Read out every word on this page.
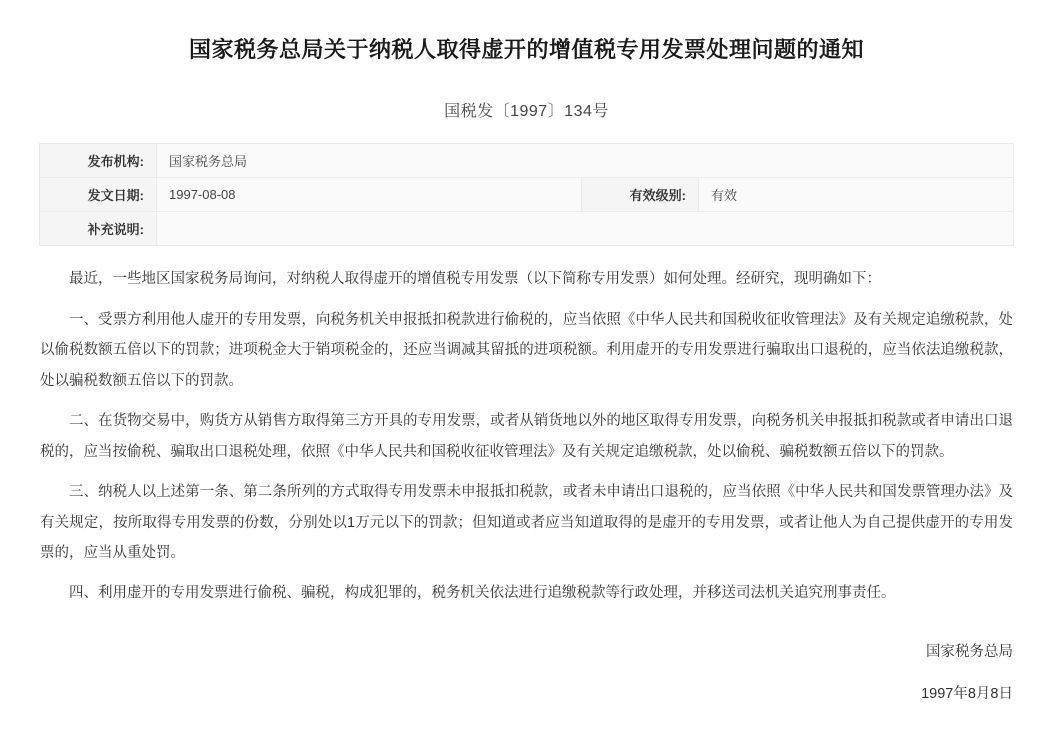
国家税务总局关于纳税人取得虚开的增值税专用发票处理问题的通知
国税发〔1997〕134号
发布机构:	国家税务总局		
发文日期:	1997-08-08	有效级别:	有效
补充说明:			

最近，一些地区国家税务局询问，对纳税人取得虚开的增值税专用发票（以下简称专用发票）如何处理。经研究，现明确如下：

一、受票方利用他人虚开的专用发票，向税务机关申报抵扣税款进行偷税的，应当依照《中华人民共和国税收征收管理法》及有关规定追缴税款，处以偷税数额五倍以下的罚款；进项税金大于销项税金的，还应当调减其留抵的进项税额。利用虚开的专用发票进行骗取出口退税的，应当依法追缴税款，处以骗税数额五倍以下的罚款。

二、在货物交易中，购货方从销售方取得第三方开具的专用发票，或者从销货地以外的地区取得专用发票，向税务机关申报抵扣税款或者申请出口退税的，应当按偷税、骗取出口退税处理，依照《中华人民共和国税收征收管理法》及有关规定追缴税款，处以偷税、骗税数额五倍以下的罚款。

三、纳税人以上述第一条、第二条所列的方式取得专用发票未申报抵扣税款，或者未申请出口退税的，应当依照《中华人民共和国发票管理办法》及有关规定，按所取得专用发票的份数，分别处以1万元以下的罚款；但知道或者应当知道取得的是虚开的专用发票，或者让他人为自己提供虚开的专用发票的，应当从重处罚。

四、利用虚开的专用发票进行偷税、骗税，构成犯罪的，税务机关依法进行追缴税款等行政处理，并移送司法机关追究刑事责任。

国家税务总局
1997年8月8日
